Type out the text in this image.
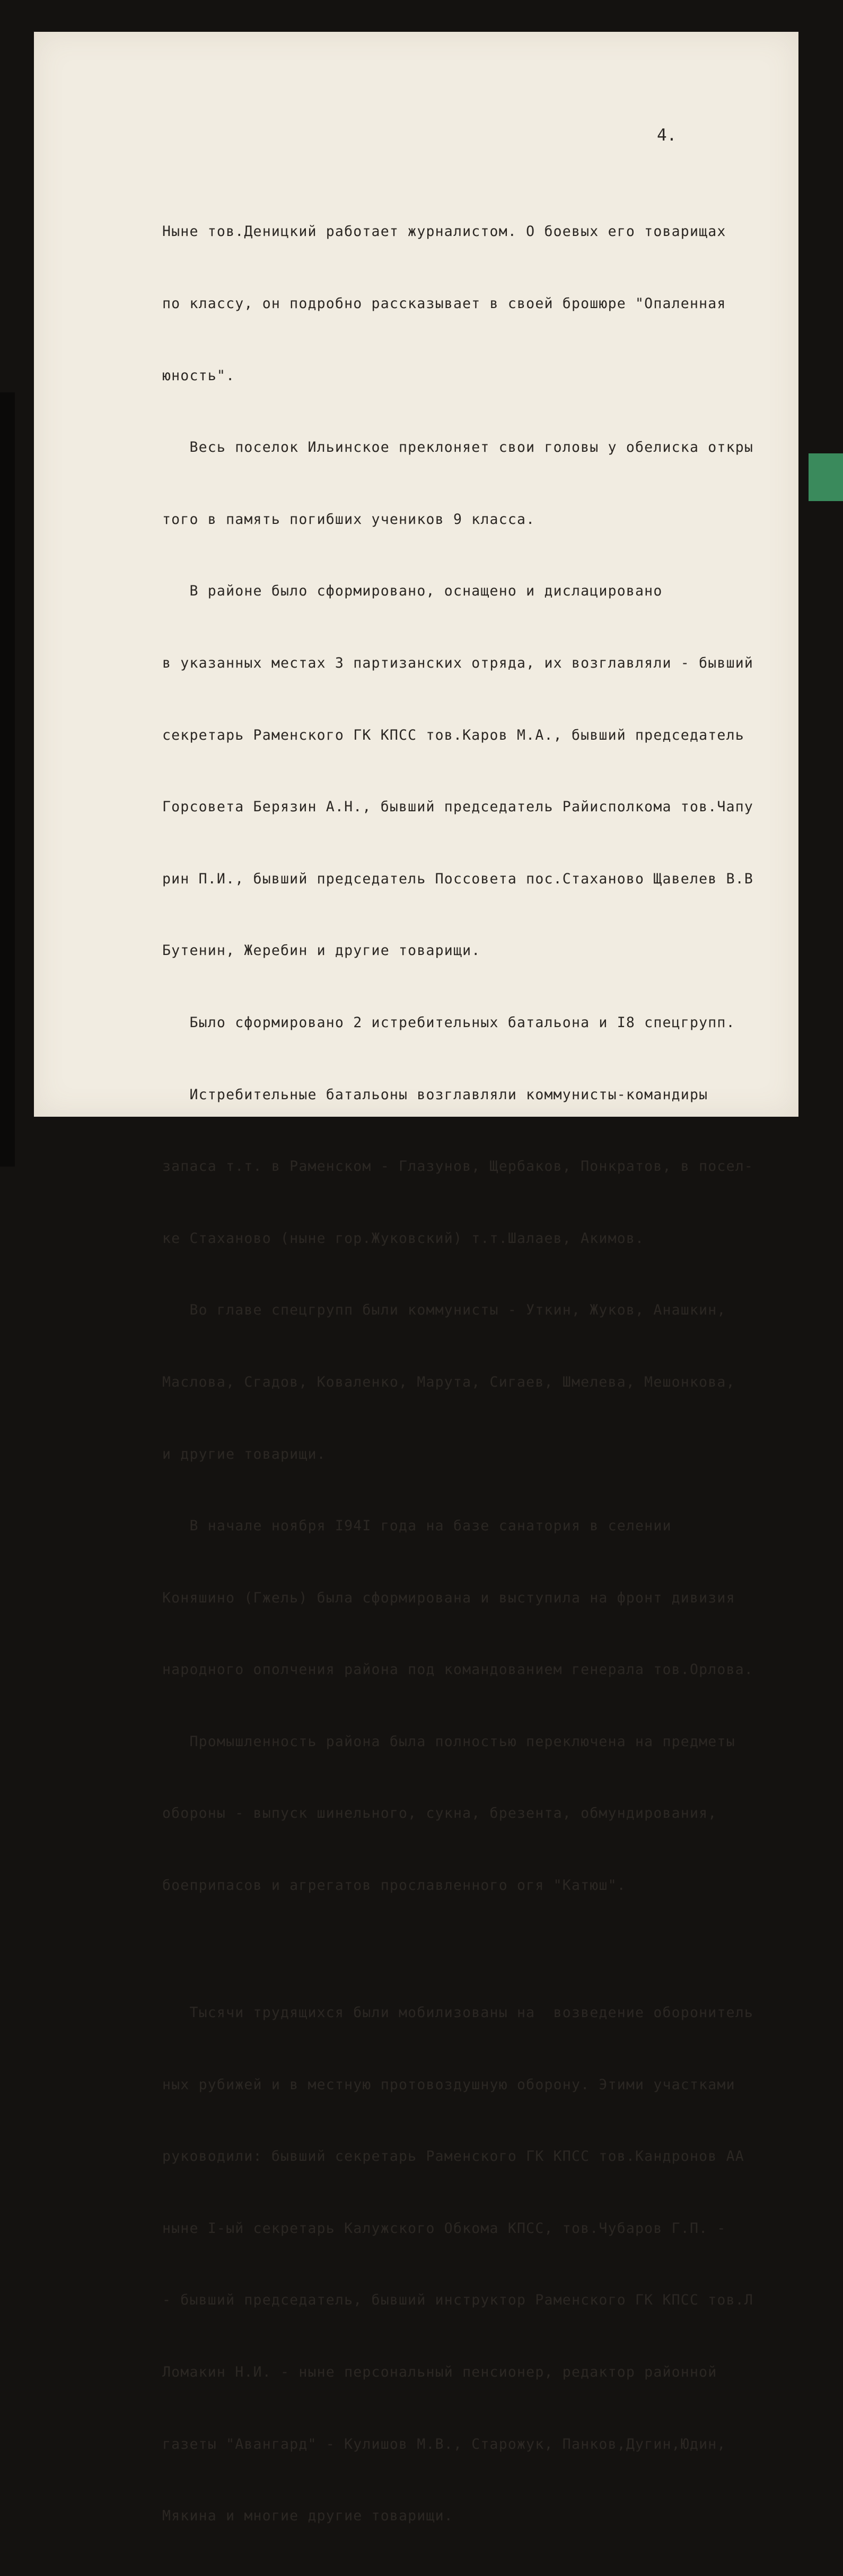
4.

Ныне тов.Деницкий работает журналистом. О боевых его товарищах

по классу, он подробно рассказывает в своей брошюре "Опаленная

юность".

Весь поселок Ильинское преклоняет свои головы у обелиска откры

того в память погибших учеников 9 класса.

В районе было сформировано, оснащено и дислацировано

в указанных местах 3 партизанских отряда, их возглавляли - бывший

секретарь Раменского ГК КПСС тов.Каров М.А., бывший председатель

Горсовета Берязин А.Н., бывший председатель Райисполкома тов.Чапу

рин П.И., бывший председатель Поссовета пос.Стаханово Щавелев В.В

Бутенин, Жеребин и другие товарищи.

Было сформировано 2 истребительных батальона и I8 спецгрупп.

Истребительные батальоны возглавляли коммунисты-командиры

запаса т.т. в Раменском - Глазунов, Щербаков, Понкратов, в посел-

ке Стаханово (ныне гор.Жуковский) т.т.Шалаев, Акимов.

Во главе спецгрупп были коммунисты - Уткин, Жуков, Анашкин,

Маслова, Сгадов, Коваленко, Марута, Сигаев, Шмелева, Мешонкова,

и другие товарищи.

В начале ноября I94I года на базе санатория в селении

Коняшино (Гжель) была сформирована и выступила на фронт дивизия

народного ополчения района под командованием генерала тов.Орлова.

Промышленность района была полностью переключена на предметы

обороны - выпуск шинельного, сукна, брезента, обмундирования,

боеприпасов и агрегатов прославленного огя "Катюш".

Тысячи трудящихся были мобилизованы на  возведение оборонитель

ных рубижей и в местную протовоздушную оборону. Этими участками

руководили: бывший секретарь Раменского ГК КПСС тов.Кандронов АА

ныне I-ый секретарь Калужского Обкома КПСС, тов.Чубаров Г.П. -

- бывший председатель, бывший инструктор Раменского ГК КПСС тов.Л

Ломакин Н.И. - ныне персональный пенсионер, редактор районной

газеты "Авангард" - Кулишов М.В., Старожук, Панков,Дугин,Юдин,

Мякина и многие другие товарищи.
